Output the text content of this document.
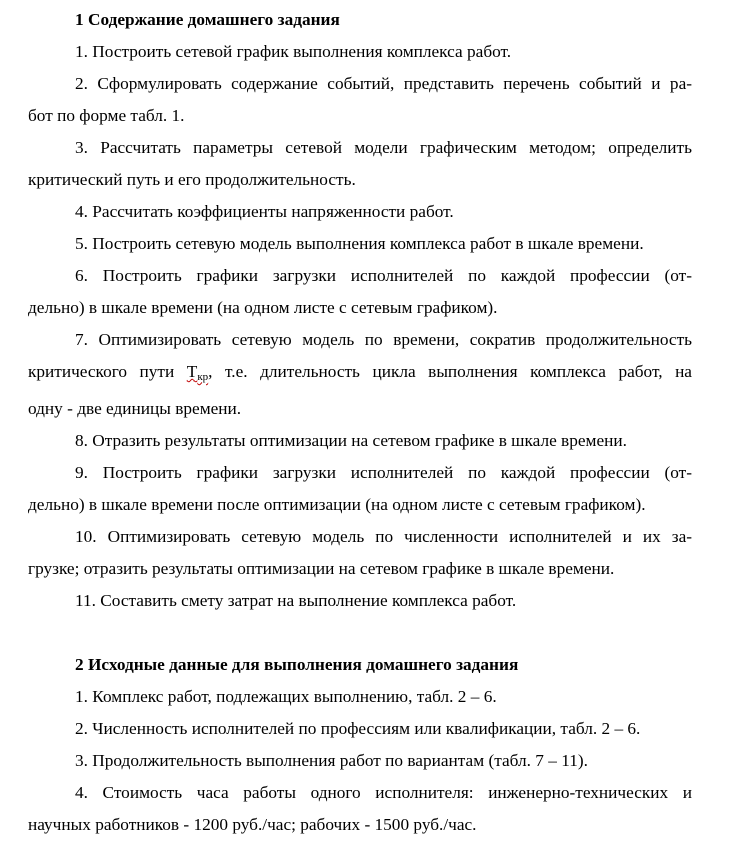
1 Содержание домашнего задания

1. Построить сетевой график выполнения комплекса работ.

2. Сформулировать содержание событий, представить перечень событий и ра-
бот по форме табл. 1.

3. Рассчитать параметры сетевой модели графическим методом; определить
критический путь и его продолжительность.

4. Рассчитать коэффициенты напряженности работ.

5. Построить сетевую модель выполнения комплекса работ в шкале времени.

6. Построить графики загрузки исполнителей по каждой профессии (от-
дельно) в шкале времени (на одном листе с сетевым графиком).

7. Оптимизировать сетевую модель по времени, сократив продолжительность
критического пути $T_{кр}$, т.е. длительность цикла выполнения комплекса работ, на
одну - две единицы времени.

8. Отразить результаты оптимизации на сетевом графике в шкале времени.

9. Построить графики загрузки исполнителей по каждой профессии (от-
дельно) в шкале времени после оптимизации (на одном листе с сетевым графиком).

10. Оптимизировать сетевую модель по численности исполнителей и их за-
грузке; отразить результаты оптимизации на сетевом графике в шкале времени.

11. Составить смету затрат на выполнение комплекса работ.

2 Исходные данные для выполнения домашнего задания

1. Комплекс работ, подлежащих выполнению, табл. 2 – 6.

2. Численность исполнителей по профессиям или квалификации, табл. 2 – 6.

3. Продолжительность выполнения работ по вариантам (табл. 7 – 11).

4. Стоимость часа работы одного исполнителя: инженерно-технических и
научных работников - 1200 руб./час; рабочих - 1500 руб./час.
